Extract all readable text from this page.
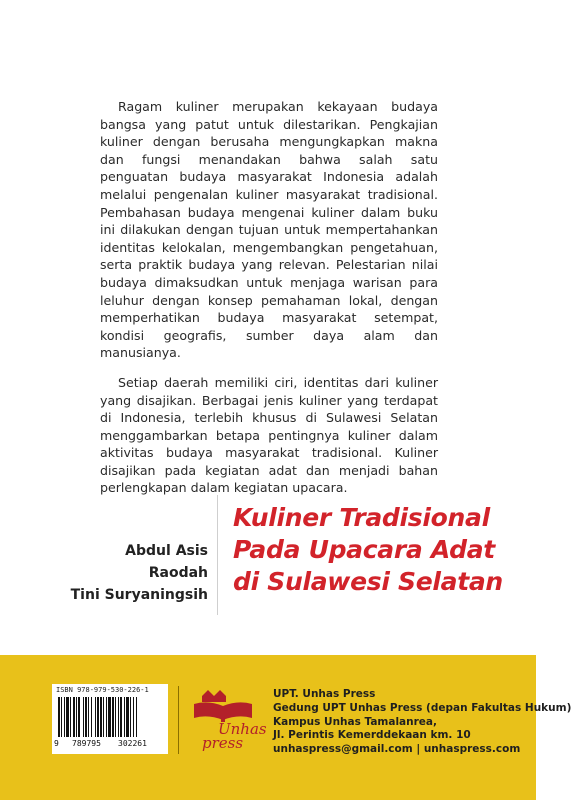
Ragam kuliner merupakan kekayaan budaya bangsa yang patut untuk dilestarikan. Pengkajian kuliner dengan berusaha mengungkapkan makna dan fungsi menandakan bahwa salah satu penguatan budaya masyarakat Indonesia adalah melalui pengenalan kuliner masyarakat tradisional. Pembahasan budaya mengenai kuliner dalam buku ini dilakukan dengan tujuan untuk mempertahankan identitas kelokalan, mengembangkan pengetahuan, serta praktik budaya yang relevan. Pelestarian nilai budaya dimaksudkan untuk menjaga warisan para leluhur dengan konsep pemahaman lokal, dengan memperhatikan budaya masyarakat setempat, kondisi geografis, sumber daya alam dan manusianya.

Setiap daerah memiliki ciri, identitas dari kuliner yang disajikan. Berbagai jenis kuliner yang terdapat di Indonesia, terlebih khusus di Sulawesi Selatan menggambarkan betapa pentingnya kuliner dalam aktivitas budaya masyarakat tradisional. Kuliner disajikan pada kegiatan adat dan menjadi bahan perlengkapan dalam kegiatan upacara.

Abdul Asis
Raodah
Tini Suryaningsih
Kuliner Tradisional
Pada Upacara Adat
di Sulawesi Selatan
ISBN 978-979-530-226-1
9 789795 302261
Unhas
press
UPT. Unhas Press
Gedung UPT Unhas Press (depan Fakultas Hukum)
Kampus Unhas Tamalanrea,
Jl. Perintis Kemerddekaan km. 10
unhaspress@gmail.com | unhaspress.com
